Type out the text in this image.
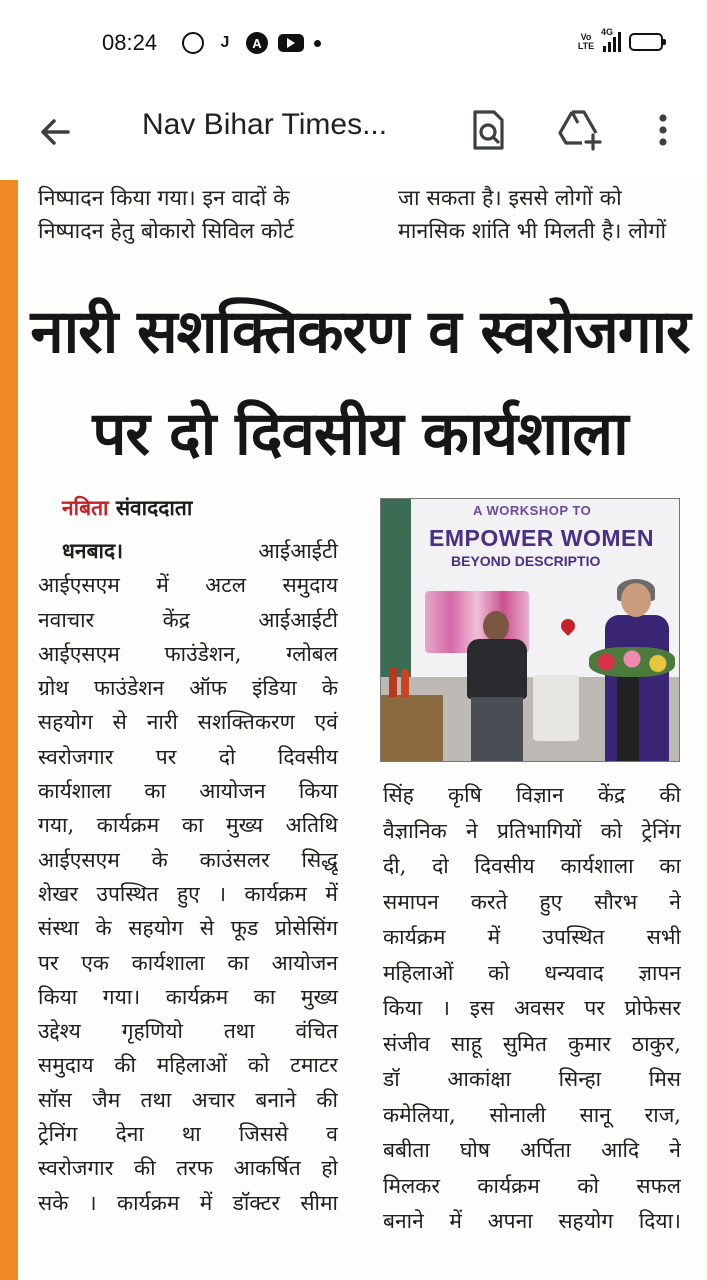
08:24	J	A	Vo LTE
4G
Nav Bihar Times...
निष्पादन किया गया। इन वादों के
निष्पादन हेतु बोकारो सिविल कोर्ट
जा सकता है। इससे लोगों को
मानसिक शांति भी मिलती है। लोगों
नारी सशक्तिकरण व स्वरोजगार
पर दो दिवसीय कार्यशाला
नबिता संवाददाता
धनबाद।	आईआईटी
आईएसएम में अटल समुदाय
नवाचार	केंद्र	आईआईटी
आईएसएम फाउंडेशन, ग्लोबल
ग्रोथ फाउंडेशन ऑफ इंडिया के
सहयोग से नारी सशक्तिकरण एवं
स्वरोजगार पर दो दिवसीय
कार्यशाला का आयोजन किया
गया, कार्यक्रम का मुख्य अतिथि
आईएसएम के काउंसलर सिद्धू
शेखर उपस्थित हुए । कार्यक्रम में
संस्था के सहयोग से फूड प्रोसेसिंग
पर एक कार्यशाला का आयोजन
किया गया। कार्यक्रम का मुख्य
उद्देश्य गृहणियो तथा वंचित
समुदाय की महिलाओं को टमाटर
सॉस जैम तथा अचार बनाने की
ट्रेनिंग देना था जिससे व
स्वरोजगार की तरफ आकर्षित हो
सके । कार्यक्रम में डॉक्टर सीमा
A WORKSHOP TO
EMPOWER WOMEN
BEYOND DESCRIPTIO
सिंह कृषि विज्ञान केंद्र की
वैज्ञानिक ने प्रतिभागियों को ट्रेनिंग
दी, दो दिवसीय कार्यशाला का
समापन करते हुए सौरभ ने
कार्यक्रम में उपस्थित सभी
महिलाओं को धन्यवाद ज्ञापन
किया । इस अवसर पर प्रोफेसर
संजीव साहू सुमित कुमार ठाकुर,
डॉ आकांक्षा सिन्हा मिस
कमेलिया, सोनाली सानू राज,
बबीता घोष अर्पिता आदि ने
मिलकर कार्यक्रम को सफल
बनाने में अपना सहयोग दिया।
